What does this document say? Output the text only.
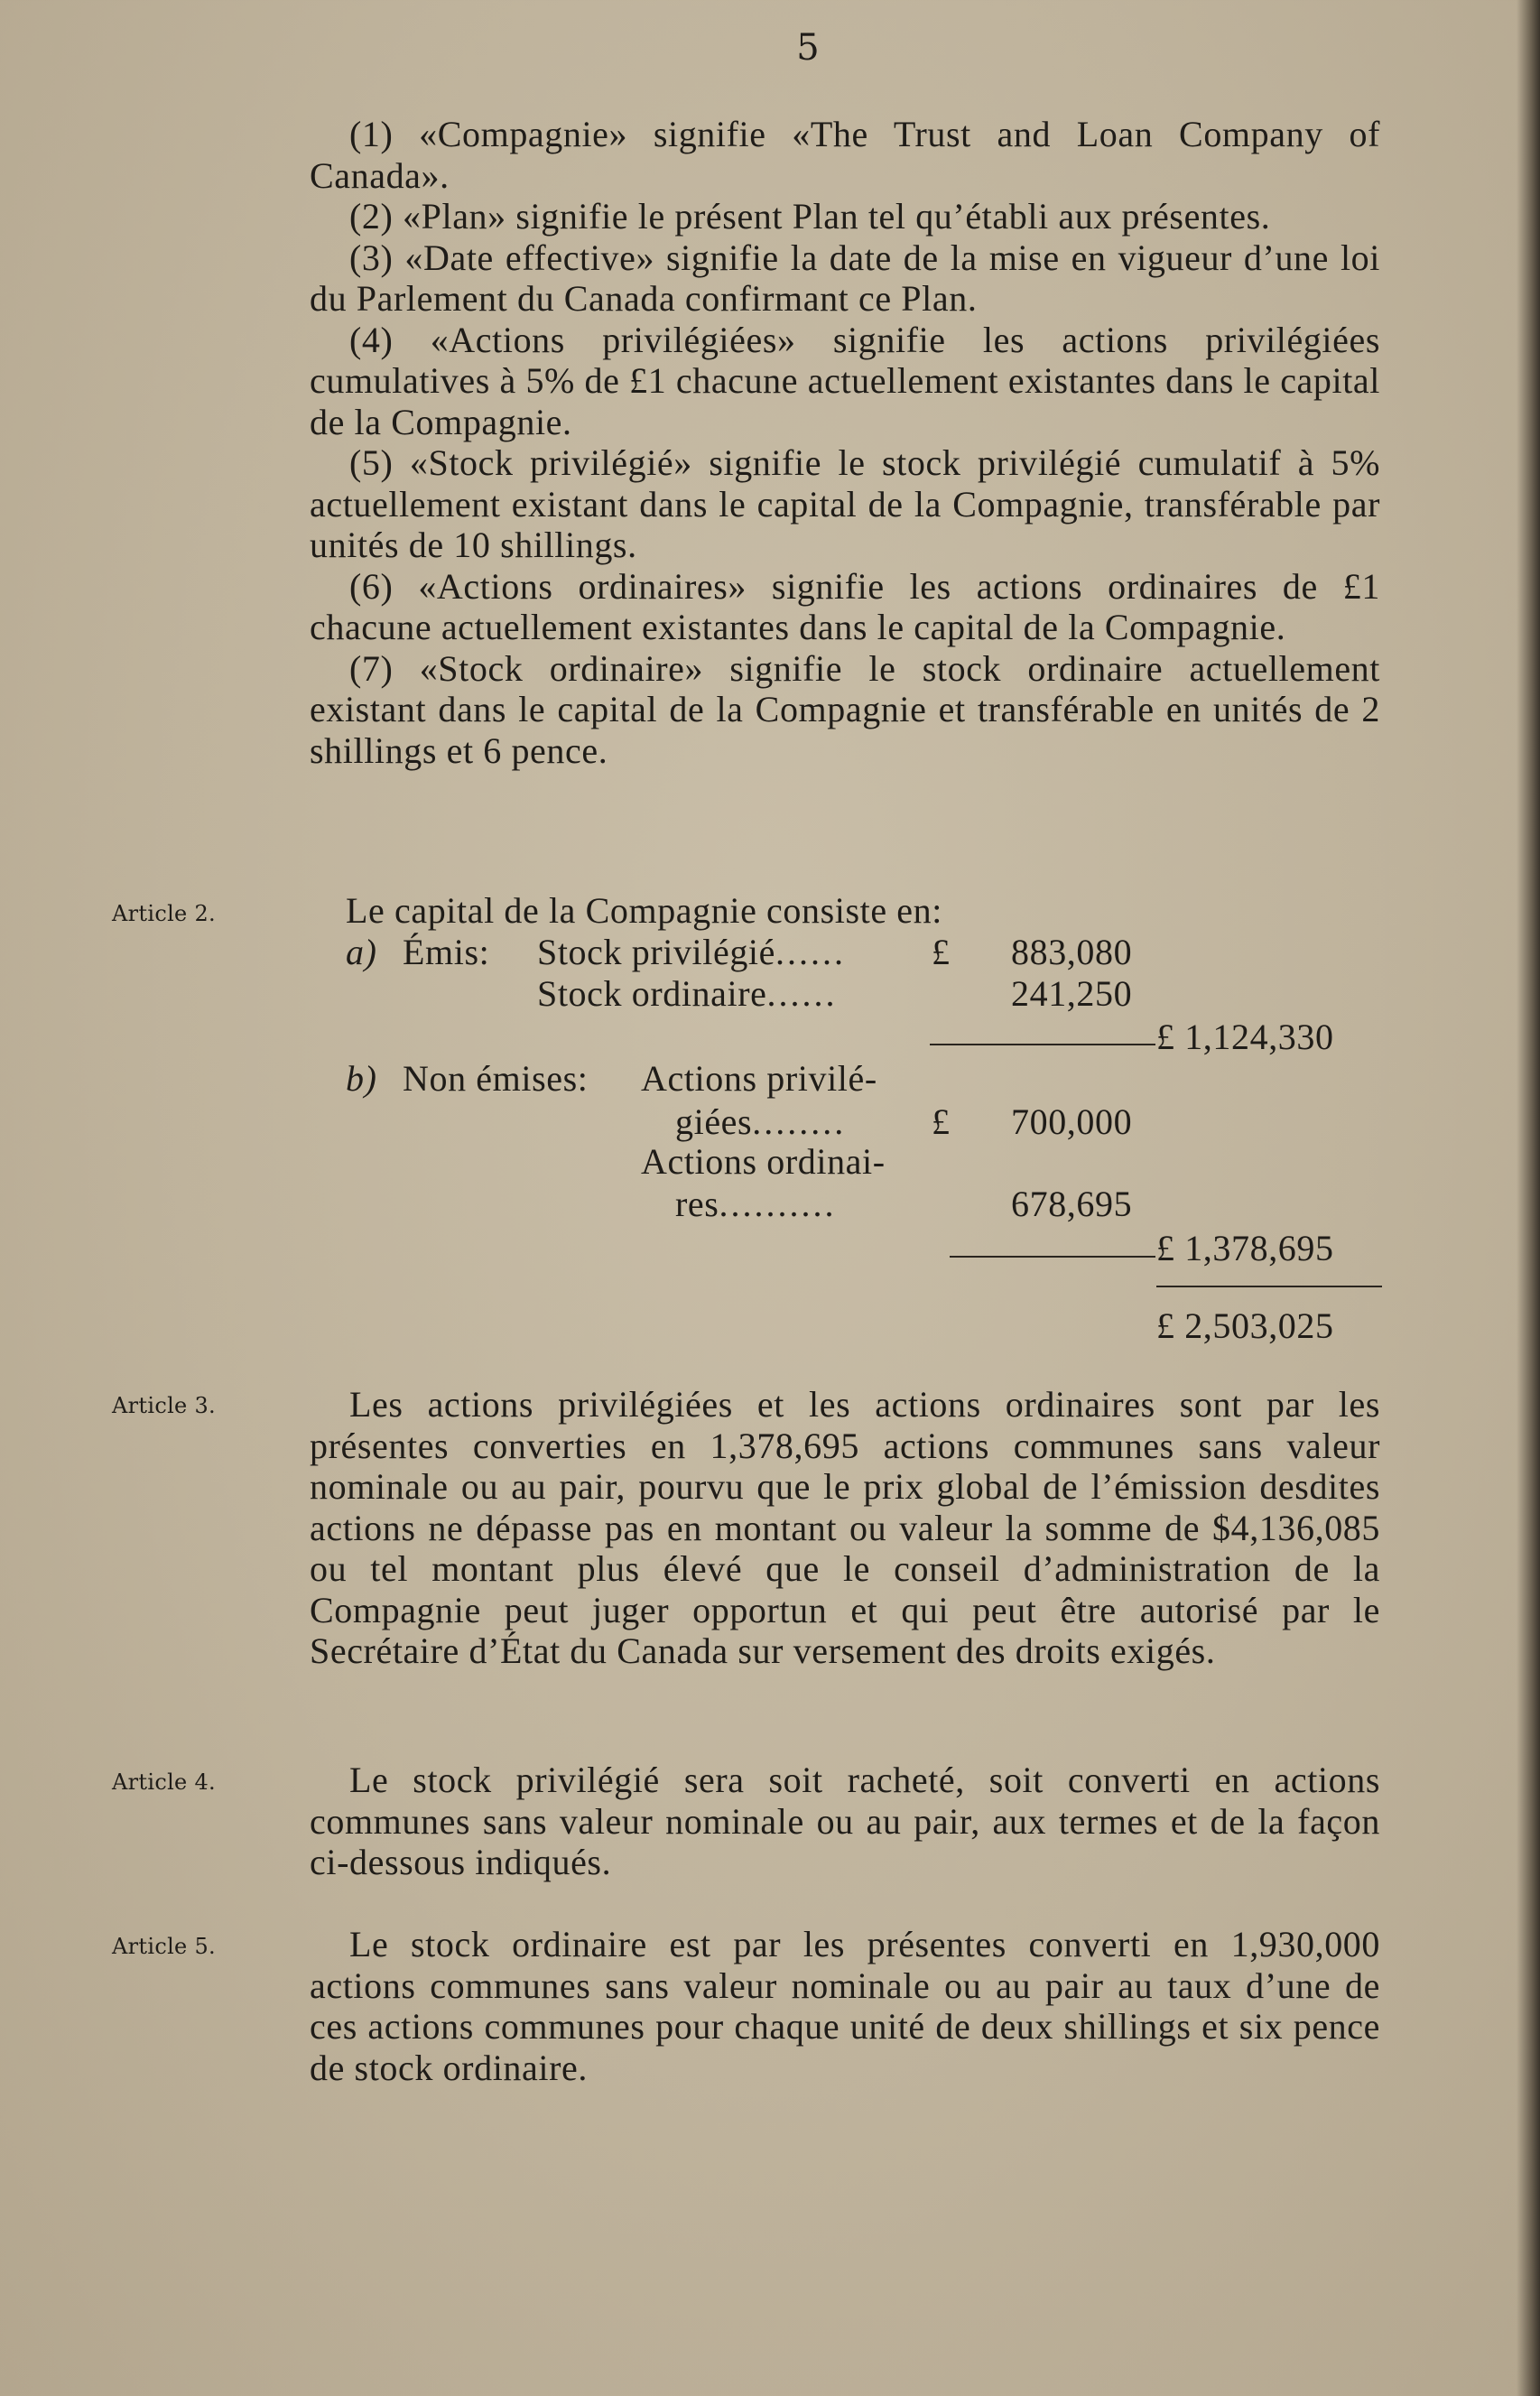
5

(1) «Compagnie» signifie «The Trust and Loan Company of Canada».

(2) «Plan» signifie le présent Plan tel qu’établi aux présentes.

(3) «Date effective» signifie la date de la mise en vigueur d’une loi du Parlement du Canada confirmant ce Plan.

(4) «Actions privilégiées» signifie les actions privilégiées cumulatives à 5% de £1 chacune actuellement existantes dans le capital de la Compagnie.

(5) «Stock privilégié» signifie le stock privilégié cumulatif à 5% actuellement existant dans le capital de la Compagnie, transférable par unités de 10 shillings.

(6) «Actions ordinaires» signifie les actions ordinaires de £1 chacune actuellement existantes dans le capital de la Compagnie.

(7) «Stock ordinaire» signifie le stock ordinaire actuellement existant dans le capital de la Compagnie et transférable en unités de 2 shillings et 6 pence.

Article 2.	Le capital de la Compagnie consiste en:
a) Émis: Stock privilégié...... £ 883,080
Stock ordinaire......	241,250
£ 1,124,330
b) Non émises: Actions privilé-
giées........ £ 700,000
Actions ordinai-
res..........	678,695
£ 1,378,695
£ 2,503,025
Article 3.	Les actions privilégiées et les actions ordinaires sont par les présentes converties en 1,378,695 actions communes sans valeur nominale ou au pair, pourvu que le prix global de l’émission desdites actions ne dépasse pas en montant ou valeur la somme de $4,136,085 ou tel montant plus élevé que le conseil d’administration de la Compagnie peut juger opportun et qui peut être autorisé par le Secrétaire d’État du Canada sur versement des droits exigés.

Article 4.	Le stock privilégié sera soit racheté, soit converti en actions communes sans valeur nominale ou au pair, aux termes et de la façon ci-dessous indiqués.

Article 5.	Le stock ordinaire est par les présentes converti en 1,930,000 actions communes sans valeur nominale ou au pair au taux d’une de ces actions communes pour chaque unité de deux shillings et six pence de stock ordinaire.
